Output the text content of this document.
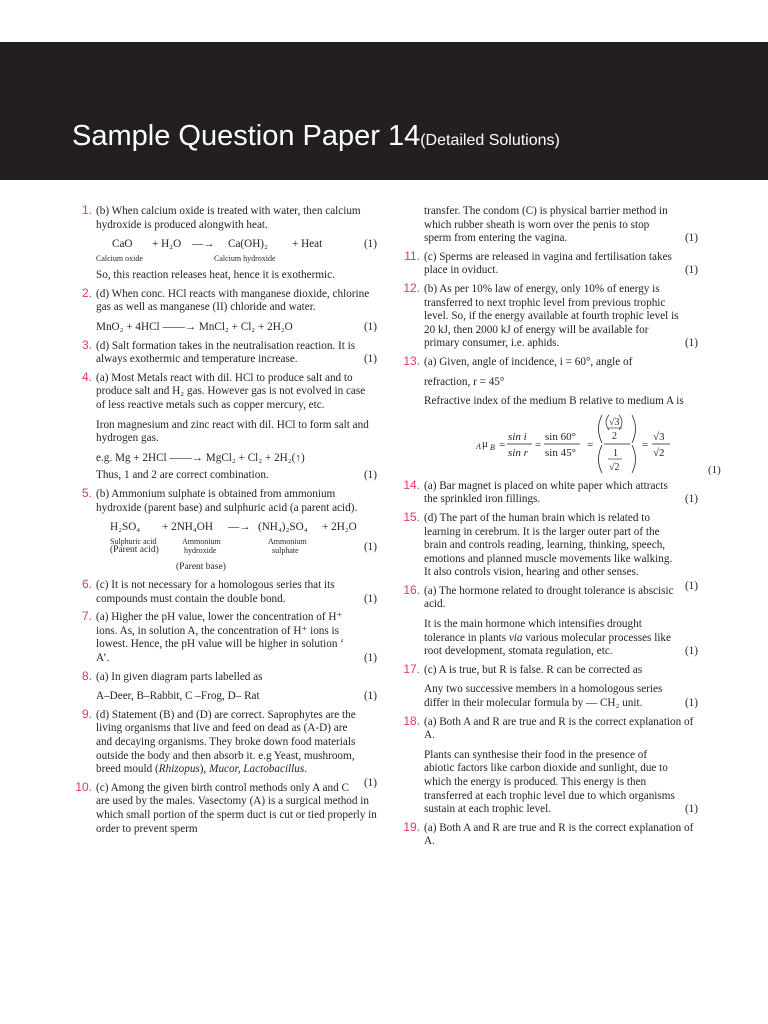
Sample Question Paper 14(Detailed Solutions)
1. (b) When calcium oxide is treated with water, then calcium hydroxide is produced alongwith heat.

CaO + H₂O —→ Ca(OH)₂ + Heat	(1)
Calcium oxide	Calcium hydroxide

So, this reaction releases heat, hence it is exothermic.

2. (d) When conc. HCl reacts with manganese dioxide, chlorine gas as well as manganese (II) chloride and water.

(1)
MnO₂ + 4HCl ——→ MnCl₂ + Cl₂ + 2H₂O

3.

(1)
(d) Salt formation takes in the neutralisation reaction. It is always exothermic and temperature increase.

4. (a) Most Metals react with dil. HCl to produce salt and to produce salt and H₂ gas. However gas is not evolved in case of less reactive metals such as copper mercury, etc.

Iron magnesium and zinc react with dil. HCl to form salt and hydrogen gas.

e.g. Mg + 2HCl ——→ MgCl₂ + Cl₂ + 2H₂(↑)

(1)
Thus, 1 and 2 are correct combination.

5. (b) Ammonium sulphate is obtained from ammonium hydroxide (parent base) and sulphuric acid (a parent acid).

H₂SO₄ + 2NH₄OH —→ (NH₄)₂SO₄ + 2H₂O
Sulphuric acid	Ammonium	Ammonium
(Parent acid)	hydroxide	sulphate	(1)
(Parent base)
6.

(1)
(c) It is not necessary for a homologous series that its compounds must contain the double bond.

7.

(1)
(a) Higher the pH value, lower the concentration of H⁺ ions. As, in solution A, the concentration of H⁺ ions is lowest. Hence, the pH value will be higher in solution ‘ A’.

8. (a) In given diagram parts labelled as

(1)
A–Deer, B–Rabbit, C –Frog, D– Rat

9.

(1)
(d) Statement (B) and (D) are correct. Saprophytes are the living organisms that live and feed on dead as (A-D) are and decaying organisms. They broke down food materials outside the body and then absorb it. e.g Yeast, mushroom, breed mould (Rhizopus), Mucor, Lactobacillus.

10. (c) Among the given birth control methods only A and C are used by the males. Vasectomy (A) is a surgical method in which small portion of the sperm duct is cut or tied properly in order to prevent sperm

(1)
transfer. The condom (C) is physical barrier method in which rubber sheath is worn over the penis to stop sperm from entering the vagina.

11.

(1)
(c) Sperms are released in vagina and fertilisation takes place in oviduct.

12.

(1)
(b) As per 10% law of energy, only 10% of energy is transferred to next trophic level from previous trophic level. So, if the energy available at fourth trophic level is 20 kJ, then 2000 kJ of energy will be available for primary consumer, i.e. aphids.

13. (a) Given, angle of incidence, i = 60°, angle of

refraction, r = 45°

Refractive index of the medium B relative to medium A is

A μ B =
sin i
sin r
=
sin 60°
sin 45°
=
√3
2
1
√2
=
√3
√2
(1)
14.

(1)
(a) Bar magnet is placed on white paper which attracts the sprinkled iron fillings.

15.

(1)
(d) The part of the human brain which is related to learning in cerebrum. It is the larger outer part of the brain and controls reading, learning, thinking, speech, emotions and planned muscle movements like walking. It also controls vision, hearing and other senses.

16. (a) The hormone related to drought tolerance is abscisic acid.

(1)
It is the main hormone which intensifies drought tolerance in plants via various molecular processes like root development, stomata regulation, etc.

17. (c) A is true, but R is false. R can be corrected as

(1)
Any two successive members in a homologous series differ in their molecular formula by — CH₂ unit.

18. (a) Both A and R are true and R is the correct explanation of A.

(1)
Plants can synthesise their food in the presence of abiotic factors like carbon dioxide and sunlight, due to which the energy is produced. This energy is then transferred at each trophic level due to which organisms sustain at each trophic level.

19. (a) Both A and R are true and R is the correct explanation of A.
